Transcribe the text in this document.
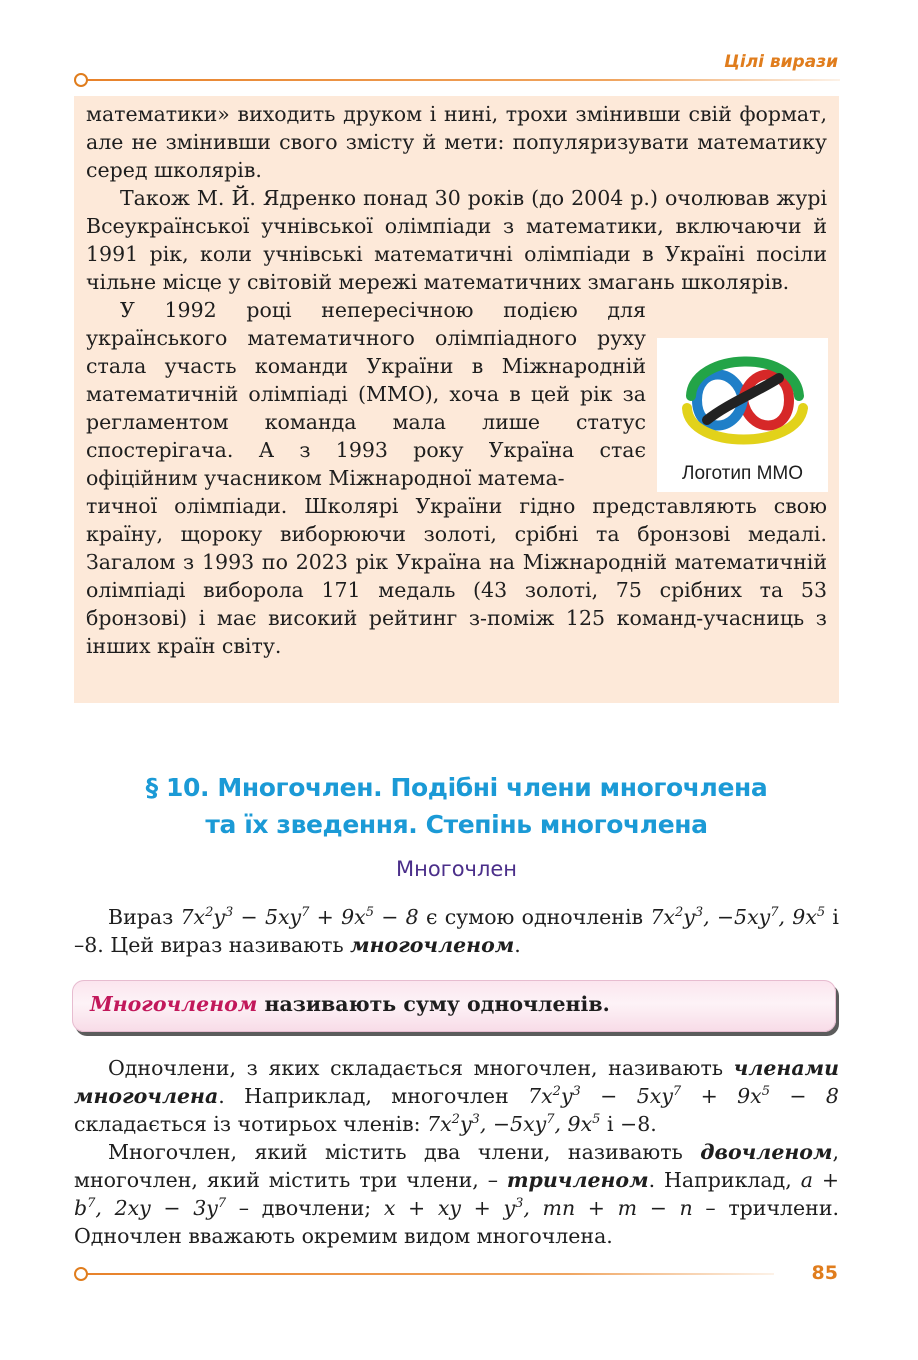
Цілі вирази

математики» виходить друком і нині, трохи змінивши свій формат, але не змінивши свого змісту й мети: популяризувати математику серед школярів.

Також М. Й. Ядренко понад 30 років (до 2004 р.) очолював журі Всеукраїнської учнівської олімпіади з математики, включаючи й 1991 рік, коли учнівські математичні олімпіади в Україні посіли чільне місце у світовій мережі математичних змагань школярів.

У 1992 році непересічною подією для українського математичного олімпіадного руху стала участь команди України в Міжнародній математичній олімпіаді (ММО), хоча в цей рік за регламентом команда мала лише статус спостерігача. А з 1993 року Україна стає офіційним учасником Міжнародної матема-

тичної олімпіади. Школярі України гідно представляють свою країну, щороку виборюючи золоті, срібні та бронзові медалі. Загалом з 1993 по 2023 рік Україна на Міжнародній математичній олімпіаді виборола 171 медаль (43 золоті, 75 срібних та 53 бронзові) і має високий рейтинг з-поміж 125 команд-учасниць з інших країн світу.

Логотип ММО
§ 10. Многочлен. Подібні члени многочлена
та їх зведення. Степінь многочлена
Многочлен

Вираз $7x^2y^3 - 5xy^7 + 9x^5 - 8$ є сумою одночленів $7x^2y^3$, $-5xy^7$, $9x^5$ і –8. Цей вираз називають многочленом.

Многочленом називають суму одночленів.

Одночлени, з яких складається многочлен, називають членами многочлена. Наприклад, многочлен $7x^2y^3 - 5xy^7 + 9x^5 - 8$ складається із чотирьох членів: $7x^2y^3$, $-5xy^7$, $9x^5$ і −8.

Многочлен, який містить два члени, називають двочленом, многочлен, який містить три члени, – тричленом. Наприклад, $a + b^7$, $2xy - 3y^7$ – двочлени; x + xy + $y^3$, mn + m − n – тричлени. Одночлен вважають окремим видом многочлена.

85
